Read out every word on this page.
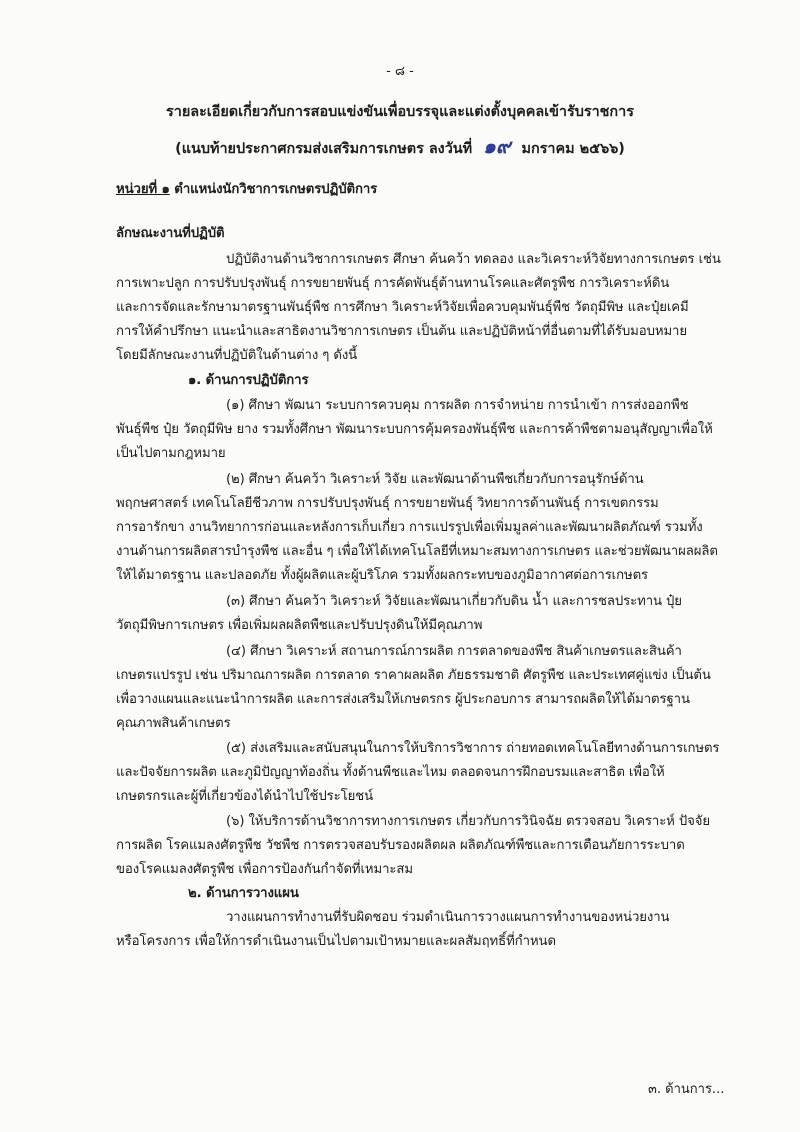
- ๘ -
รายละเอียดเกี่ยวกับการสอบแข่งขันเพื่อบรรจุและแต่งตั้งบุคคลเข้ารับราชการ
(แนบท้ายประกาศกรมส่งเสริมการเกษตร ลงวันที่ ๑๙ มกราคม ๒๕๖๖)
หน่วยที่ ๑ ตำแหน่งนักวิชาการเกษตรปฏิบัติการ
ลักษณะงานที่ปฏิบัติ
ปฏิบัติงานด้านวิชาการเกษตร ศึกษา ค้นคว้า ทดลอง และวิเคราะห์วิจัยทางการเกษตร เช่น
การเพาะปลูก การปรับปรุงพันธุ์ การขยายพันธุ์ การคัดพันธุ์ต้านทานโรคและศัตรูพืช การวิเคราะห์ดิน
และการจัดและรักษามาตรฐานพันธุ์พืช การศึกษา วิเคราะห์วิจัยเพื่อควบคุมพันธุ์พืช วัตถุมีพิษ และปุ๋ยเคมี
การให้คำปรึกษา แนะนำและสาธิตงานวิชาการเกษตร เป็นต้น และปฏิบัติหน้าที่อื่นตามที่ได้รับมอบหมาย
โดยมีลักษณะงานที่ปฏิบัติในด้านต่าง ๆ ดังนี้
๑. ด้านการปฏิบัติการ
(๑) ศึกษา พัฒนา ระบบการควบคุม การผลิต การจำหน่าย การนำเข้า การส่งออกพืช
พันธุ์พืช ปุ๋ย วัตถุมีพิษ ยาง รวมทั้งศึกษา พัฒนาระบบการคุ้มครองพันธุ์พืช และการค้าพืชตามอนุสัญญาเพื่อให้
เป็นไปตามกฎหมาย
(๒) ศึกษา ค้นคว้า วิเคราะห์ วิจัย และพัฒนาด้านพืชเกี่ยวกับการอนุรักษ์ด้าน
พฤกษศาสตร์ เทคโนโลยีชีวภาพ การปรับปรุงพันธุ์ การขยายพันธุ์ วิทยาการด้านพันธุ์ การเขตกรรม
การอารักขา งานวิทยาการก่อนและหลังการเก็บเกี่ยว การแปรรูปเพื่อเพิ่มมูลค่าและพัฒนาผลิตภัณฑ์ รวมทั้ง
งานด้านการผลิตสารบำรุงพืช และอื่น ๆ เพื่อให้ได้เทคโนโลยีที่เหมาะสมทางการเกษตร และช่วยพัฒนาผลผลิต
ให้ได้มาตรฐาน และปลอดภัย ทั้งผู้ผลิตและผู้บริโภค รวมทั้งผลกระทบของภูมิอากาศต่อการเกษตร
(๓) ศึกษา ค้นคว้า วิเคราะห์ วิจัยและพัฒนาเกี่ยวกับดิน น้ำ และการชลประทาน ปุ๋ย
วัตถุมีพิษการเกษตร เพื่อเพิ่มผลผลิตพืชและปรับปรุงดินให้มีคุณภาพ
(๔) ศึกษา วิเคราะห์ สถานการณ์การผลิต การตลาดของพืช สินค้าเกษตรและสินค้า
เกษตรแปรรูป เช่น ปริมาณการผลิต การตลาด ราคาผลผลิต ภัยธรรมชาติ ศัตรูพืช และประเทศคู่แข่ง เป็นต้น
เพื่อวางแผนและแนะนำการผลิต และการส่งเสริมให้เกษตรกร ผู้ประกอบการ สามารถผลิตให้ได้มาตรฐาน
คุณภาพสินค้าเกษตร
(๕) ส่งเสริมและสนับสนุนในการให้บริการวิชาการ ถ่ายทอดเทคโนโลยีทางด้านการเกษตร
และปัจจัยการผลิต และภูมิปัญญาท้องถิ่น ทั้งด้านพืชและไหม ตลอดจนการฝึกอบรมและสาธิต เพื่อให้
เกษตรกรและผู้ที่เกี่ยวข้องได้นำไปใช้ประโยชน์
(๖) ให้บริการด้านวิชาการทางการเกษตร เกี่ยวกับการวินิจฉัย ตรวจสอบ วิเคราะห์ ปัจจัย
การผลิต โรคแมลงศัตรูพืช วัชพืช การตรวจสอบรับรองผลิตผล ผลิตภัณฑ์พืชและการเตือนภัยการระบาด
ของโรคแมลงศัตรูพืช เพื่อการป้องกันกำจัดที่เหมาะสม
๒. ด้านการวางแผน
วางแผนการทำงานที่รับผิดชอบ ร่วมดำเนินการวางแผนการทำงานของหน่วยงาน
หรือโครงการ เพื่อให้การดำเนินงานเป็นไปตามเป้าหมายและผลสัมฤทธิ์ที่กำหนด
๓. ด้านการ...
